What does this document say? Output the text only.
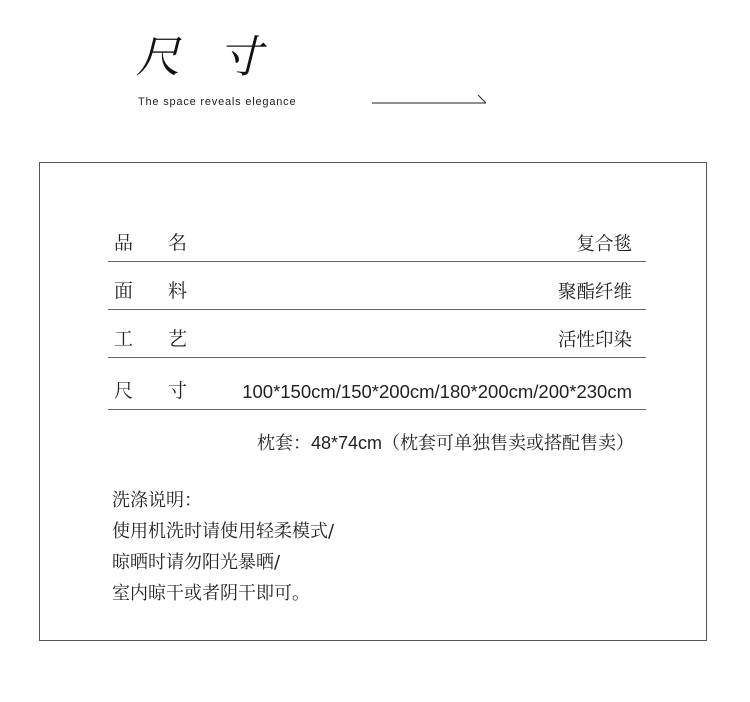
尺 寸
The space reveals elegance
品 名	复合毯
面 料	聚酯纤维
工 艺	活性印染
尺 寸	100*150cm/150*200cm/180*200cm/200*230cm
枕套：48*74cm（枕套可单独售卖或搭配售卖）
洗涤说明：
使用机洗时请使用轻柔模式/
晾晒时请勿阳光暴晒/
室内晾干或者阴干即可。
